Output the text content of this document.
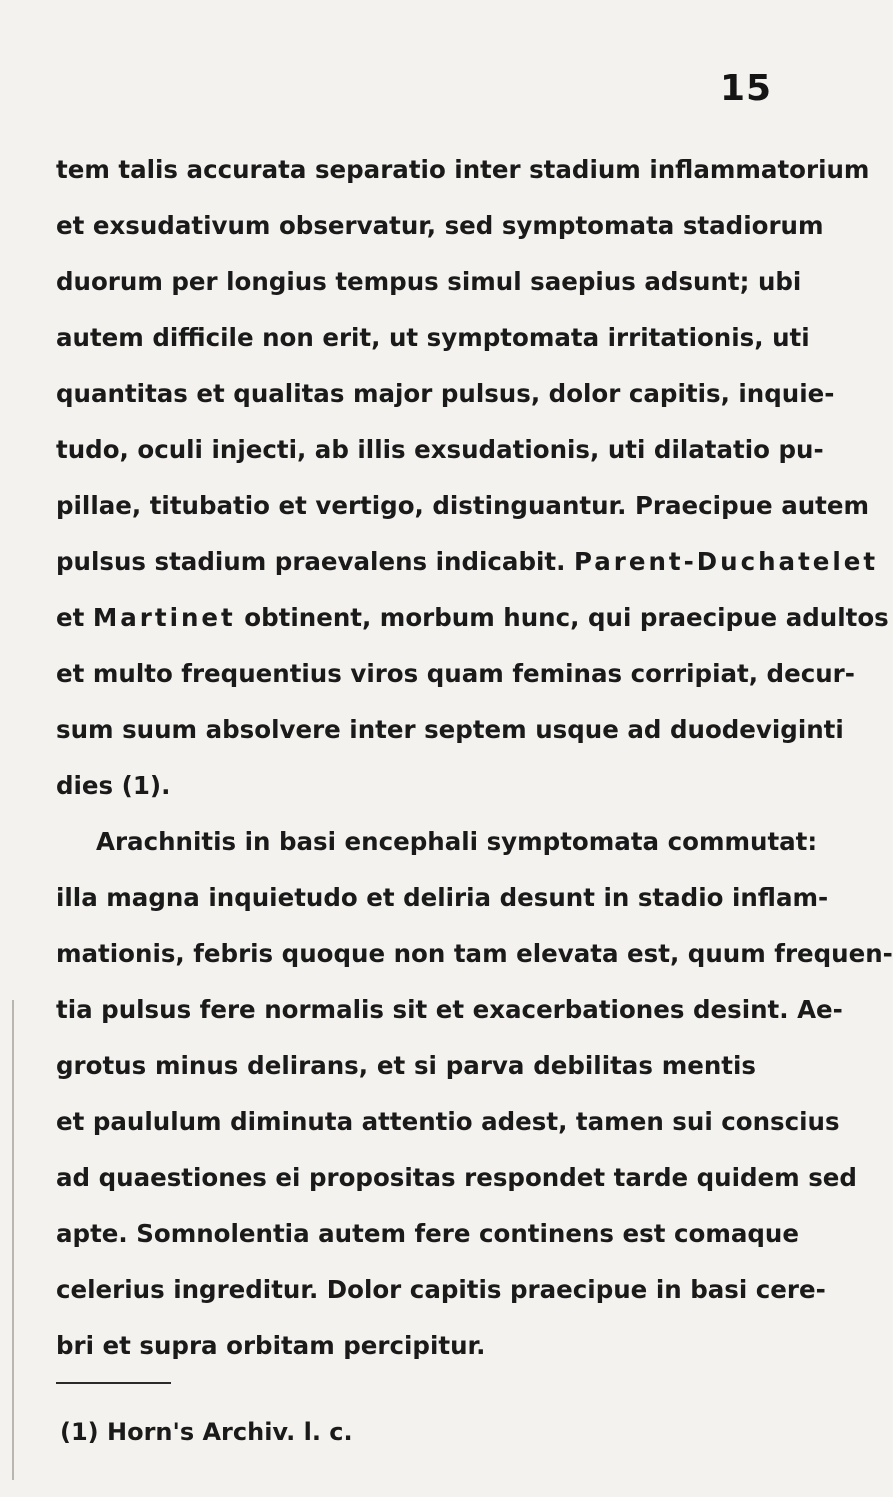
15
tem talis accurata separatio inter stadium inflammatorium
et exsudativum observatur, sed symptomata stadiorum
duorum per longius tempus simul saepius adsunt; ubi
autem difficile non erit, ut symptomata irritationis, uti
quantitas et qualitas major pulsus, dolor capitis, inquie-
tudo, oculi injecti, ab illis exsudationis, uti dilatatio pu-
pillae, titubatio et vertigo, distinguantur. Praecipue autem
pulsus stadium praevalens indicabit. Parent-Duchatelet
et Martinet obtinent, morbum hunc, qui praecipue adultos
et multo frequentius viros quam feminas corripiat, decur-
sum suum absolvere inter septem usque ad duodeviginti
dies (1).
Arachnitis in basi encephali symptomata commutat:
illa magna inquietudo et deliria desunt in stadio inflam-
mationis, febris quoque non tam elevata est, quum frequen-
tia pulsus fere normalis sit et exacerbationes desint. Ae-
grotus minus delirans, et si parva debilitas mentis
et paululum diminuta attentio adest, tamen sui conscius
ad quaestiones ei propositas respondet tarde quidem sed
apte. Somnolentia autem fere continens est comaque
celerius ingreditur. Dolor capitis praecipue in basi cere-
bri et supra orbitam percipitur.
(1) Horn's Archiv. l. c.
